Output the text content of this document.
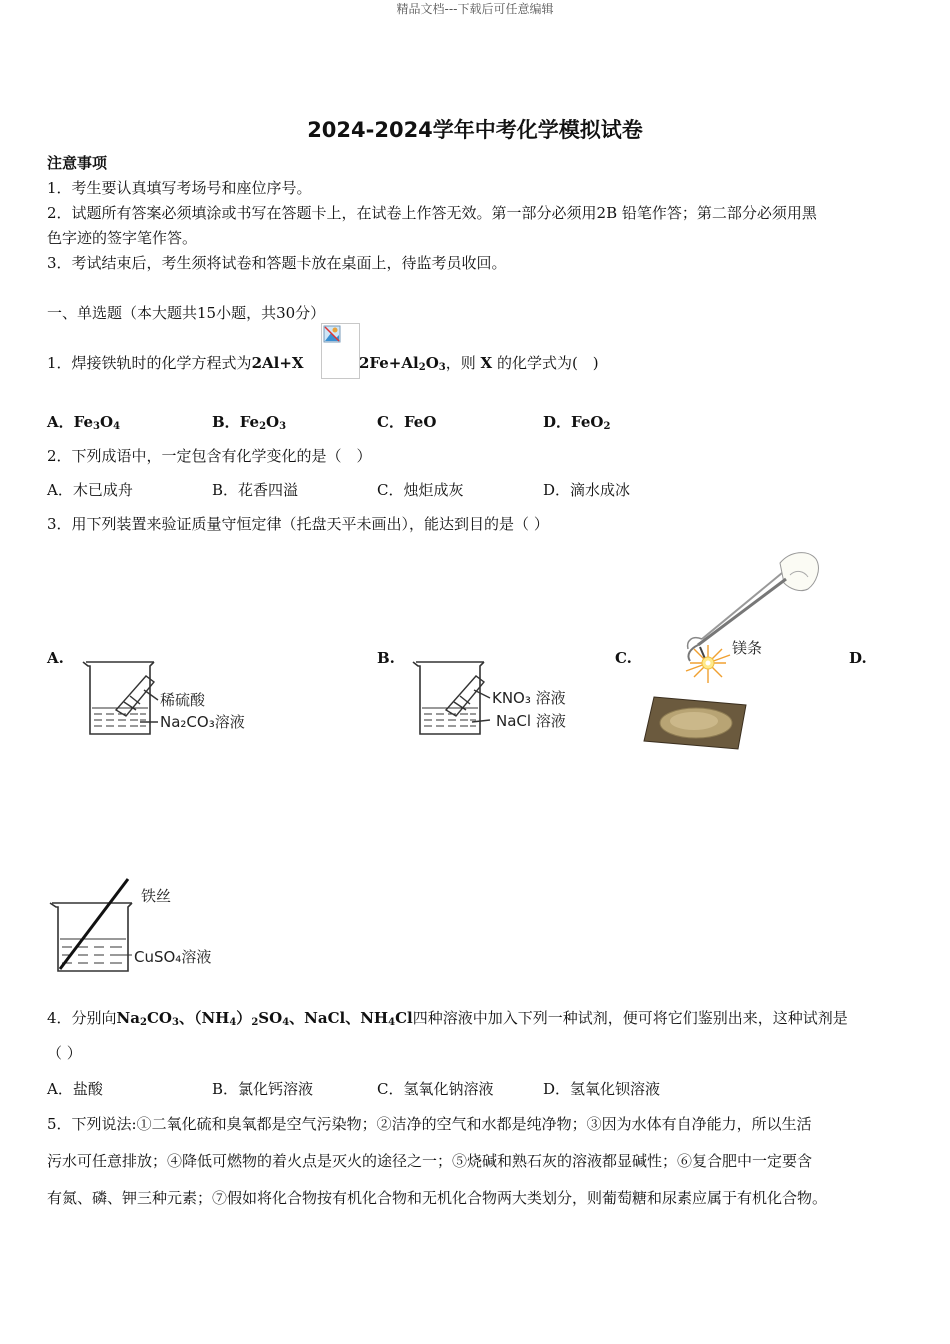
精品文档---下载后可任意编辑
2024-2024学年中考化学模拟试卷
注意事项
1．考生要认真填写考场号和座位序号。
2．试题所有答案必须填涂或书写在答题卡上，在试卷上作答无效。第一部分必须用2B 铅笔作答；第二部分必须用黑
色字迹的签字笔作答。
3．考试结束后，考生须将试卷和答题卡放在桌面上，待监考员收回。
一、单选题（本大题共15小题，共30分）
1．焊接铁轨时的化学方程式为2Al+X	$2Fe+Al_2O_3$，则 X 的化学式为(　)
A．$Fe_3O_4$	B．$Fe_2O_3$	C．FeO	D．FeO$_2$
2．下列成语中，一定包含有化学变化的是（　）
A．木已成舟	B．花香四溢	C．烛炬成灰	D．滴水成冰
3．用下列装置来验证质量守恒定律（托盘天平未画出），能达到目的是（ ）
A.	B.	C.	D.
稀硫酸
Na₂CO₃溶液
KNO₃ 溶液
NaCl 溶液
镁条
铁丝
CuSO₄溶液
4．分别向$Na_2CO_3$、$(NH_4)_2SO_4$、NaCl、$NH_4Cl$四种溶液中加入下列一种试剂，便可将它们鉴别出来，这种试剂是
（ ）
A．盐酸	B．氯化钙溶液	C．氢氧化钠溶液	D．氢氧化钡溶液
5．下列说法:①二氧化硫和臭氧都是空气污染物；②洁净的空气和水都是纯净物；③因为水体有自净能力，所以生活
污水可任意排放；④降低可燃物的着火点是灭火的途径之一；⑤烧碱和熟石灰的溶液都显碱性；⑥复合肥中一定要含
有氮、磷、钾三种元素；⑦假如将化合物按有机化合物和无机化合物两大类划分，则葡萄糖和尿素应属于有机化合物。
